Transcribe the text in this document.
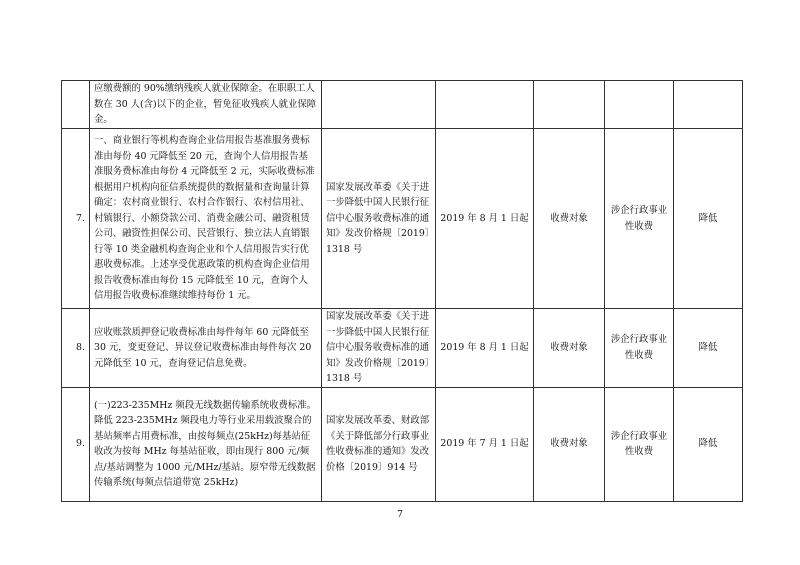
	应缴费额的 90%缴纳残疾人就业保障金。在职职工人数在 30 人(含)以下的企业，暂免征收残疾人就业保障金。					
7.	一、商业银行等机构查询企业信用报告基准服务费标准由每份 40 元降低至 20 元，查询个人信用报告基准服务费标准由每份 4 元降低至 2 元，实际收费标准根据用户机构向征信系统提供的数据量和查询量计算确定：农村商业银行、农村合作银行、农村信用社、村镇银行、小额贷款公司、消费金融公司、融资租赁公司、融资性担保公司、民营银行、独立法人直销银行等 10 类金融机构查询企业和个人信用报告实行优惠收费标准。上述享受优惠政策的机构查询企业信用报告收费标准由每份 15 元降低至 10 元，查询个人信用报告收费标准继续维持每份 1 元。	国家发展改革委《关于进一步降低中国人民银行征信中心服务收费标准的通知》发改价格规〔2019〕1318 号	2019 年 8 月 1 日起	收费对象	涉企行政事业性收费	降低
8.	应收账款质押登记收费标准由每件每年 60 元降低至 30 元，变更登记、异议登记收费标准由每件每次 20 元降低至 10 元，查询登记信息免费。	国家发展改革委《关于进一步降低中国人民银行征信中心服务收费标准的通知》发改价格规〔2019〕1318 号	2019 年 8 月 1 日起	收费对象	涉企行政事业性收费	降低
9.	(一)223-235MHz 频段无线数据传输系统收费标准。降低 223-235MHz 频段电力等行业采用载波聚合的基站频率占用费标准，由按每频点(25kHz)每基站征收改为按每 MHz 每基站征收，即由现行 800 元/频点/基站调整为 1000 元/MHz/基站。原窄带无线数据传输系统(每频点信道带宽 25kHz)	国家发展改革委、财政部《关于降低部分行政事业性收费标准的通知》发改价格〔2019〕914 号	2019 年 7 月 1 日起	收费对象	涉企行政事业性收费	降低
7
